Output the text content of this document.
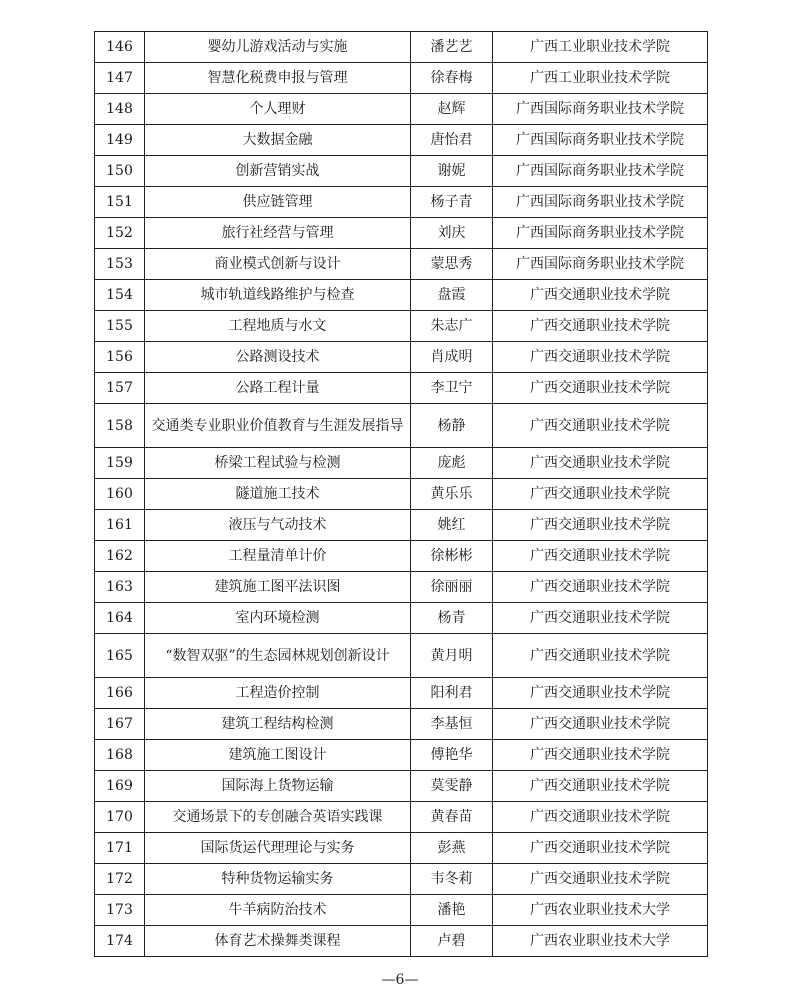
146	婴幼儿游戏活动与实施	潘艺艺	广西工业职业技术学院
147	智慧化税费申报与管理	徐春梅	广西工业职业技术学院
148	个人理财	赵辉	广西国际商务职业技术学院
149	大数据金融	唐怡君	广西国际商务职业技术学院
150	创新营销实战	谢妮	广西国际商务职业技术学院
151	供应链管理	杨子青	广西国际商务职业技术学院
152	旅行社经营与管理	刘庆	广西国际商务职业技术学院
153	商业模式创新与设计	蒙思秀	广西国际商务职业技术学院
154	城市轨道线路维护与检查	盘霞	广西交通职业技术学院
155	工程地质与水文	朱志广	广西交通职业技术学院
156	公路测设技术	肖成明	广西交通职业技术学院
157	公路工程计量	李卫宁	广西交通职业技术学院
158	交通类专业职业价值教育与生涯发展指导	杨静	广西交通职业技术学院
159	桥梁工程试验与检测	庞彪	广西交通职业技术学院
160	隧道施工技术	黄乐乐	广西交通职业技术学院
161	液压与气动技术	姚红	广西交通职业技术学院
162	工程量清单计价	徐彬彬	广西交通职业技术学院
163	建筑施工图平法识图	徐丽丽	广西交通职业技术学院
164	室内环境检测	杨青	广西交通职业技术学院
165	“数智双驱”的生态园林规划创新设计	黄月明	广西交通职业技术学院
166	工程造价控制	阳利君	广西交通职业技术学院
167	建筑工程结构检测	李基恒	广西交通职业技术学院
168	建筑施工图设计	傅艳华	广西交通职业技术学院
169	国际海上货物运输	莫雯静	广西交通职业技术学院
170	交通场景下的专创融合英语实践课	黄春苗	广西交通职业技术学院
171	国际货运代理理论与实务	彭燕	广西交通职业技术学院
172	特种货物运输实务	韦冬莉	广西交通职业技术学院
173	牛羊病防治技术	潘艳	广西农业职业技术大学
174	体育艺术操舞类课程	卢碧	广西农业职业技术大学
—6—
